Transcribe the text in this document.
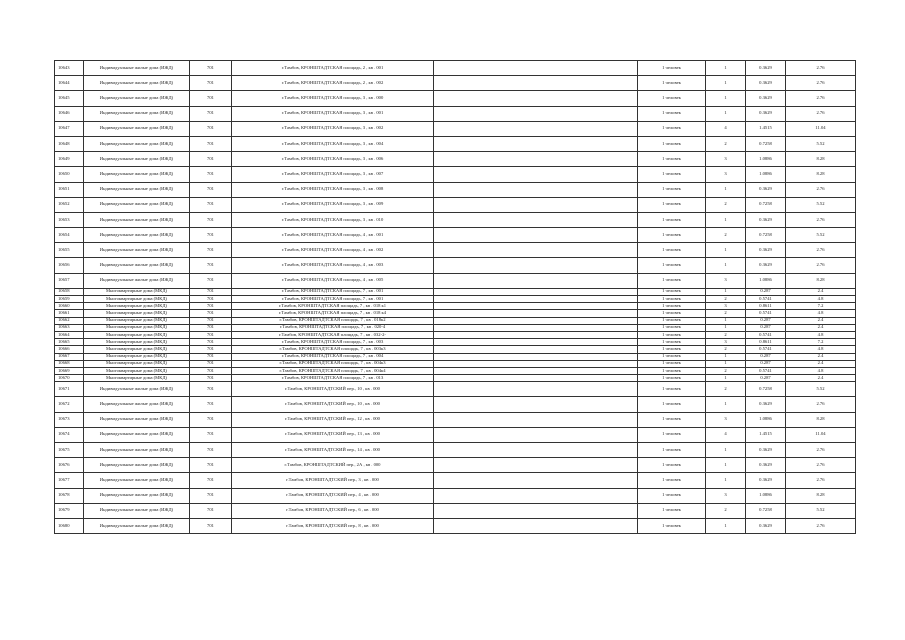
10643	Индивидуальные жилые дома (ИЖД)	701	г.Тамбов, КРОНШТАДТСКАЯ площадь, 2 , кв . 001		1 человек	1	0.3629	2.76
10644	Индивидуальные жилые дома (ИЖД)	701	г.Тамбов, КРОНШТАДТСКАЯ площадь, 2 , кв . 002		1 человек	1	0.3629	2.76
10645	Индивидуальные жилые дома (ИЖД)	701	г.Тамбов, КРОНШТАДТСКАЯ площадь, 3 , кв . 000		1 человек	1	0.3629	2.76
10646	Индивидуальные жилые дома (ИЖД)	701	г.Тамбов, КРОНШТАДТСКАЯ площадь, 3 , кв . 001		1 человек	1	0.3629	2.76
10647	Индивидуальные жилые дома (ИЖД)	701	г.Тамбов, КРОНШТАДТСКАЯ площадь, 3 , кв . 002		1 человек	4	1.4515	11.04
10648	Индивидуальные жилые дома (ИЖД)	701	г.Тамбов, КРОНШТАДТСКАЯ площадь, 3 , кв . 004		1 человек	2	0.7258	5.52
10649	Индивидуальные жилые дома (ИЖД)	701	г.Тамбов, КРОНШТАДТСКАЯ площадь, 3 , кв . 006		1 человек	3	1.0886	8.28
10650	Индивидуальные жилые дома (ИЖД)	701	г.Тамбов, КРОНШТАДТСКАЯ площадь, 3 , кв . 007		1 человек	3	1.0886	8.28
10651	Индивидуальные жилые дома (ИЖД)	701	г.Тамбов, КРОНШТАДТСКАЯ площадь, 3 , кв . 008		1 человек	1	0.3629	2.76
10652	Индивидуальные жилые дома (ИЖД)	701	г.Тамбов, КРОНШТАДТСКАЯ площадь, 3 , кв . 009		1 человек	2	0.7258	5.52
10653	Индивидуальные жилые дома (ИЖД)	701	г.Тамбов, КРОНШТАДТСКАЯ площадь, 3 , кв . 010		1 человек	1	0.3629	2.76
10654	Индивидуальные жилые дома (ИЖД)	701	г.Тамбов, КРОНШТАДТСКАЯ площадь, 4 , кв . 001		1 человек	2	0.7258	5.52
10655	Индивидуальные жилые дома (ИЖД)	701	г.Тамбов, КРОНШТАДТСКАЯ площадь, 4 , кв . 002		1 человек	1	0.3629	2.76
10656	Индивидуальные жилые дома (ИЖД)	701	г.Тамбов, КРОНШТАДТСКАЯ площадь, 4 , кв . 003		1 человек	1	0.3629	2.76
10657	Индивидуальные жилые дома (ИЖД)	701	г.Тамбов, КРОНШТАДТСКАЯ площадь, 4 , кв . 005		1 человек	3	1.0886	8.28
10658	Многоквартирные дома (МКД)	701	г.Тамбов, КРОНШТАДТСКАЯ площадь, 7 , кв . 001		1 человек	1	0.287	2.4
10659	Многоквартирные дома (МКД)	701	г.Тамбов, КРОНШТАДТСКАЯ площадь, 7 , кв . 001		1 человек	2	0.5741	4.8
10660	Многоквартирные дома (МКД)	701	г.Тамбов, КРОНШТАДТСКАЯ площадь, 7 , кв . 018 к1		1 человек	3	0.8611	7.2
10661	Многоквартирные дома (МКД)	701	г.Тамбов, КРОНШТАДТСКАЯ площадь, 7 , кв . 018 к4		1 человек	2	0.5741	4.8
10662	Многоквартирные дома (МКД)	701	г.Тамбов, КРОНШТАДТСКАЯ площадь, 7 , кв . 018к2		1 человек	1	0.287	2.4
10663	Многоквартирные дома (МКД)	701	г.Тамбов, КРОНШТАДТСКАЯ площадь, 7 , кв . 020-4		1 человек	1	0.287	2.4
10664	Многоквартирные дома (МКД)	701	г.Тамбов, КРОНШТАДТСКАЯ площадь, 7 , кв . 032-2-		1 человек	2	0.5741	4.8
10665	Многоквартирные дома (МКД)	701	г.Тамбов, КРОНШТАДТСКАЯ площадь, 7 , кв . 003		1 человек	3	0.8611	7.2
10666	Многоквартирные дома (МКД)	701	г.Тамбов, КРОНШТАДТСКАЯ площадь, 7 , кв . 003к3		1 человек	2	0.5741	4.8
10667	Многоквартирные дома (МКД)	701	г.Тамбов, КРОНШТАДТСКАЯ площадь, 7 , кв . 004		1 человек	1	0.287	2.4
10668	Многоквартирные дома (МКД)	701	г.Тамбов, КРОНШТАДТСКАЯ площадь, 7 , кв . 004к3		1 человек	1	0.287	2.4
10669	Многоквартирные дома (МКД)	701	г.Тамбов, КРОНШТАДТСКАЯ площадь, 7 , кв . 004к4		1 человек	2	0.5741	4.8
10670	Многоквартирные дома (МКД)	701	г.Тамбов, КРОНШТАДТСКАЯ площадь, 7 , кв . 013		1 человек	1	0.287	2.4
10671	Индивидуальные жилые дома (ИЖД)	701	г.Тамбов, КРОНШТАДТСКИЙ пер., 10 , кв . 000		1 человек	2	0.7258	5.52
10672	Индивидуальные жилые дома (ИЖД)	701	г.Тамбов, КРОНШТАДТСКИЙ пер., 10 , кв . 000		1 человек	1	0.3629	2.76
10673	Индивидуальные жилые дома (ИЖД)	701	г.Тамбов, КРОНШТАДТСКИЙ пер., 12 , кв . 000		1 человек	3	1.0886	8.28
10674	Индивидуальные жилые дома (ИЖД)	701	г.Тамбов, КРОНШТАДТСКИЙ пер., 13 , кв . 000		1 человек	4	1.4515	11.04
10675	Индивидуальные жилые дома (ИЖД)	701	г.Тамбов, КРОНШТАДТСКИЙ пер., 14 , кв . 000		1 человек	1	0.3629	2.76
10676	Индивидуальные жилые дома (ИЖД)	701	г.Тамбов, КРОНШТАДТСКИЙ пер., 2А , кв . 000		1 человек	1	0.3629	2.76
10677	Индивидуальные жилые дома (ИЖД)	701	г.Тамбов, КРОНШТАДТСКИЙ пер., 3 , кв . 000		1 человек	1	0.3629	2.76
10678	Индивидуальные жилые дома (ИЖД)	701	г.Тамбов, КРОНШТАДТСКИЙ пер., 4 , кв . 000		1 человек	3	1.0886	8.28
10679	Индивидуальные жилые дома (ИЖД)	701	г.Тамбов, КРОНШТАДТСКИЙ пер., 6 , кв . 000		1 человек	2	0.7258	5.52
10680	Индивидуальные жилые дома (ИЖД)	701	г.Тамбов, КРОНШТАДТСКИЙ пер., 8 , кв . 000		1 человек	1	0.3629	2.76
